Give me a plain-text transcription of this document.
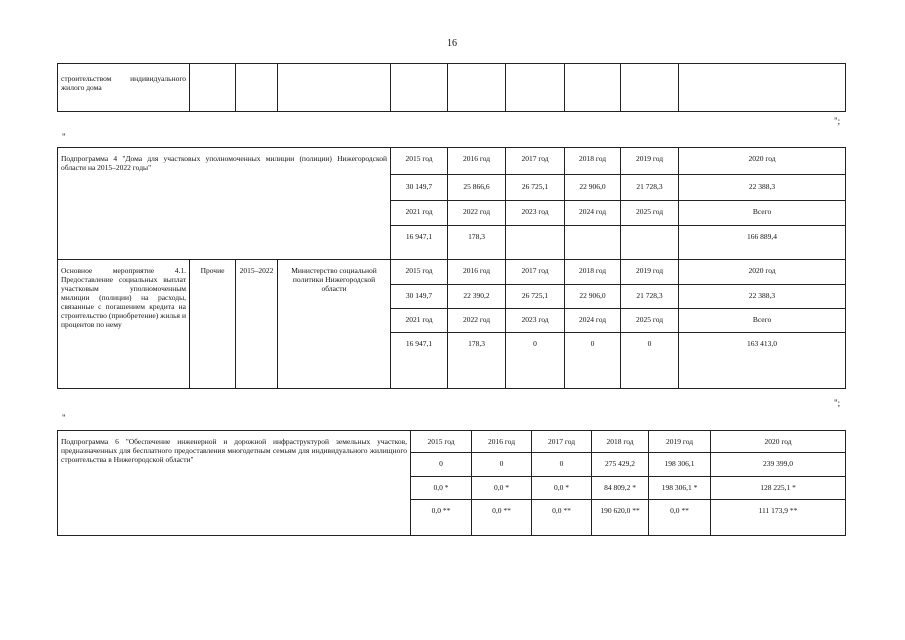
16
строительством индивидуального жилого дома									
";
"
Подпрограмма 4 "Дома для участковых уполномоченных милиции (полиции) Нижегородской области на 2015–2022 годы"				2015 год	2016 год	2017 год	2018 год	2019 год	2020 год
				30 149,7	25 866,6	26 725,1	22 906,0	21 728,3	22 388,3
				2021 год	2022 год	2023 год	2024 год	2025 год	Всего
				16 947,1	178,3				166 889,4
Основное мероприятие 4.1. Предоставление социальных выплат участковым уполномоченным милиции (полиции) на расходы, связанные с погашением кредита на строительство (приобретение) жилья и процентов по нему	Прочие	2015–2022	Министерство социальной политики Нижегородской области	2015 год	2016 год	2017 год	2018 год	2019 год	2020 год
				30 149,7	22 390,2	26 725,1	22 906,0	21 728,3	22 388,3
				2021 год	2022 год	2023 год	2024 год	2025 год	Всего
				16 947,1	178,3	0	0	0	163 413,0
";
"
Подпрограмма 6 "Обеспечение инженерной и дорожной инфраструктурой земельных участков, предназначенных для бесплатного предоставления многодетным семьям для индивидуального жилищного строительства в Нижегородской области"	2015 год	2016 год	2017 год	2018 год	2019 год	2020 год
	0	0	0	275 429,2	198 306,1	239 399,0
	0,0 *	0,0 *	0,0 *	84 809,2 *	198 306,1 *	128 225,1 *
	0,0 **	0,0 **	0,0 **	190 620,0 **	0,0 **	111 173,9 **
